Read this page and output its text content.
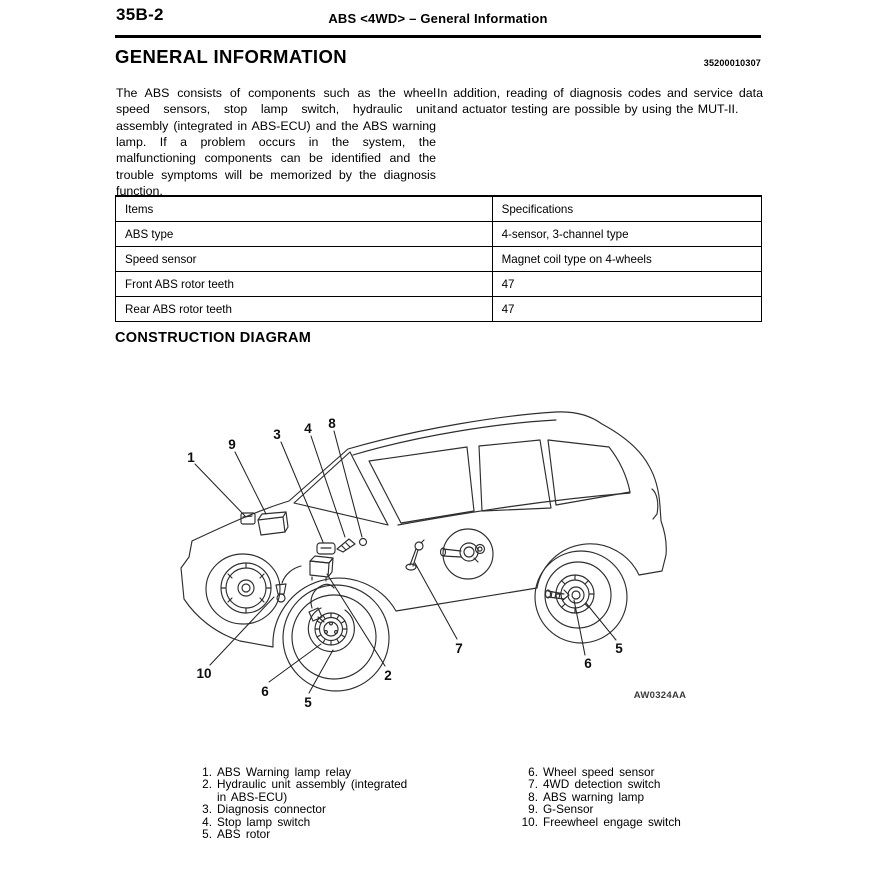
35B-2	ABS <4WD> – General Information
GENERAL INFORMATION	35200010307
The ABS consists of components such as the wheel speed sensors, stop lamp switch, hydraulic unit assembly (integrated in ABS-ECU) and the ABS warning lamp. If a problem occurs in the system, the malfunctioning components can be identified and the trouble symptoms will be memorized by the diagnosis function.
In addition, reading of diagnosis codes and service data and actuator testing are possible by using the MUT-II.
Items	Specifications
ABS type	4-sensor, 3-channel type
Speed sensor	Magnet coil type on 4-wheels
Front ABS rotor teeth	47
Rear ABS rotor teeth	47
CONSTRUCTION DIAGRAM
1
9
3 4 8
2
7
10
6
5
6
5
AW0324AA
1. ABS Warning lamp relay
2. Hydraulic unit assembly (integrated in ABS-ECU)
3. Diagnosis connector
4. Stop lamp switch
5. ABS rotor
6. Wheel speed sensor
7. 4WD detection switch
8. ABS warning lamp
9. G-Sensor
10. Freewheel engage switch
